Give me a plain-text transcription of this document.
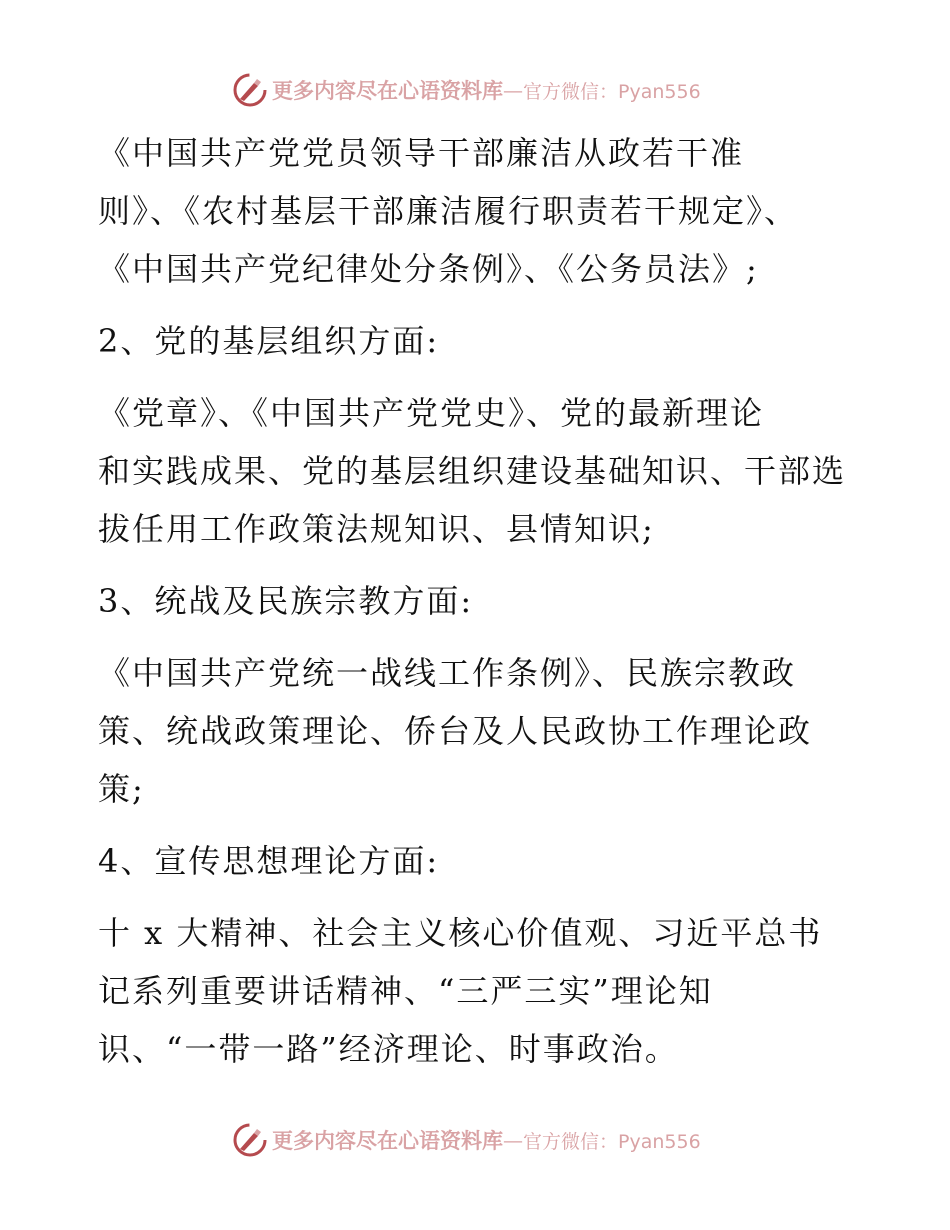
更多内容尽在心语资料库 — 官方微信：Pyan556

《中国共产党党员领导干部廉洁从政若干准
则》、《农村基层干部廉洁履行职责若干规定》、
《中国共产党纪律处分条例》、《公务员法》;

2、党的基层组织方面:

《党章》、《中国共产党党史》、党的最新理论
和实践成果、党的基层组织建设基础知识、干部选
拔任用工作政策法规知识、县情知识;

3、统战及民族宗教方面:

《中国共产党统一战线工作条例》、民族宗教政
策、统战政策理论、侨台及人民政协工作理论政
策;

4、宣传思想理论方面:

十 x 大精神、社会主义核心价值观、习近平总书
记系列重要讲话精神、“三严三实”理论知
识、“一带一路”经济理论、时事政治。

更多内容尽在心语资料库 — 官方微信：Pyan556
